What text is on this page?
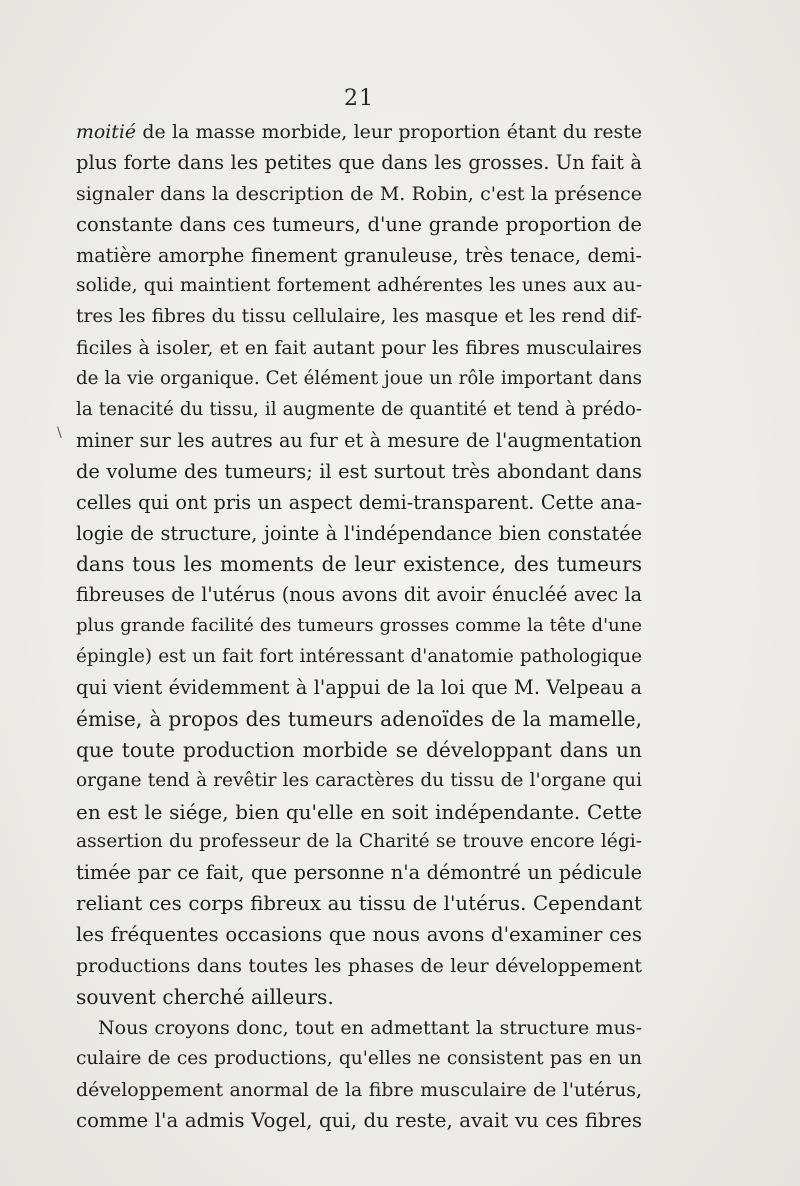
21
\
moitié de la masse morbide, leur proportion étant du reste
plus forte dans les petites que dans les grosses. Un fait à
signaler dans la description de M. Robin, c'est la présence
constante dans ces tumeurs, d'une grande proportion de
matière amorphe finement granuleuse, très tenace, demi-
solide, qui maintient fortement adhérentes les unes aux au-
tres les fibres du tissu cellulaire, les masque et les rend dif-
ficiles à isoler, et en fait autant pour les fibres musculaires
de la vie organique. Cet élément joue un rôle important dans
la tenacité du tissu, il augmente de quantité et tend à prédo-
miner sur les autres au fur et à mesure de l'augmentation
de volume des tumeurs; il est surtout très abondant dans
celles qui ont pris un aspect demi-transparent. Cette ana-
logie de structure, jointe à l'indépendance bien constatée
dans tous les moments de leur existence, des tumeurs
fibreuses de l'utérus (nous avons dit avoir énucléé avec la
plus grande facilité des tumeurs grosses comme la tête d'une
épingle) est un fait fort intéressant d'anatomie pathologique
qui vient évidemment à l'appui de la loi que M. Velpeau a
émise, à propos des tumeurs adenoïdes de la mamelle,
que toute production morbide se développant dans un
organe tend à revêtir les caractères du tissu de l'organe qui
en est le siége, bien qu'elle en soit indépendante. Cette
assertion du professeur de la Charité se trouve encore légi-
timée par ce fait, que personne n'a démontré un pédicule
reliant ces corps fibreux au tissu de l'utérus. Cependant
les fréquentes occasions que nous avons d'examiner ces
productions dans toutes les phases de leur développement
souvent cherché ailleurs.
Nous croyons donc, tout en admettant la structure mus-
culaire de ces productions, qu'elles ne consistent pas en un
développement anormal de la fibre musculaire de l'utérus,
comme l'a admis Vogel, qui, du reste, avait vu ces fibres
